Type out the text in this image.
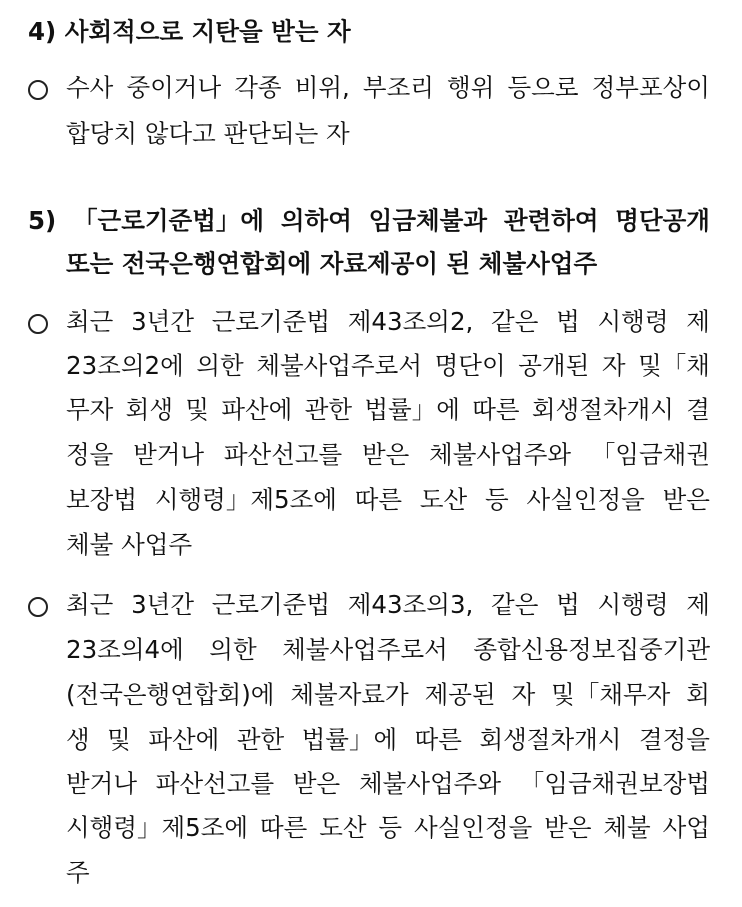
4) 사회적으로 지탄을 받는 자
수사 중이거나 각종 비위, 부조리 행위 등으로 정부포상이
합당치 않다고 판단되는 자
5) 「근로기준법」에 의하여 임금체불과 관련하여 명단공개
또는 전국은행연합회에 자료제공이 된 체불사업주
최근 3년간 근로기준법 제43조의2, 같은 법 시행령 제
23조의2에 의한 체불사업주로서 명단이 공개된 자 및「채
무자 회생 및 파산에 관한 법률」에 따른 회생절차개시 결
정을 받거나 파산선고를 받은 체불사업주와 「임금채권
보장법 시행령」제5조에 따른 도산 등 사실인정을 받은
체불 사업주
최근 3년간 근로기준법 제43조의3, 같은 법 시행령 제
23조의4에 의한 체불사업주로서 종합신용정보집중기관
(전국은행연합회)에 체불자료가 제공된 자 및「채무자 회
생 및 파산에 관한 법률」에 따른 회생절차개시 결정을
받거나 파산선고를 받은 체불사업주와 「임금채권보장법
시행령」제5조에 따른 도산 등 사실인정을 받은 체불 사업
주
